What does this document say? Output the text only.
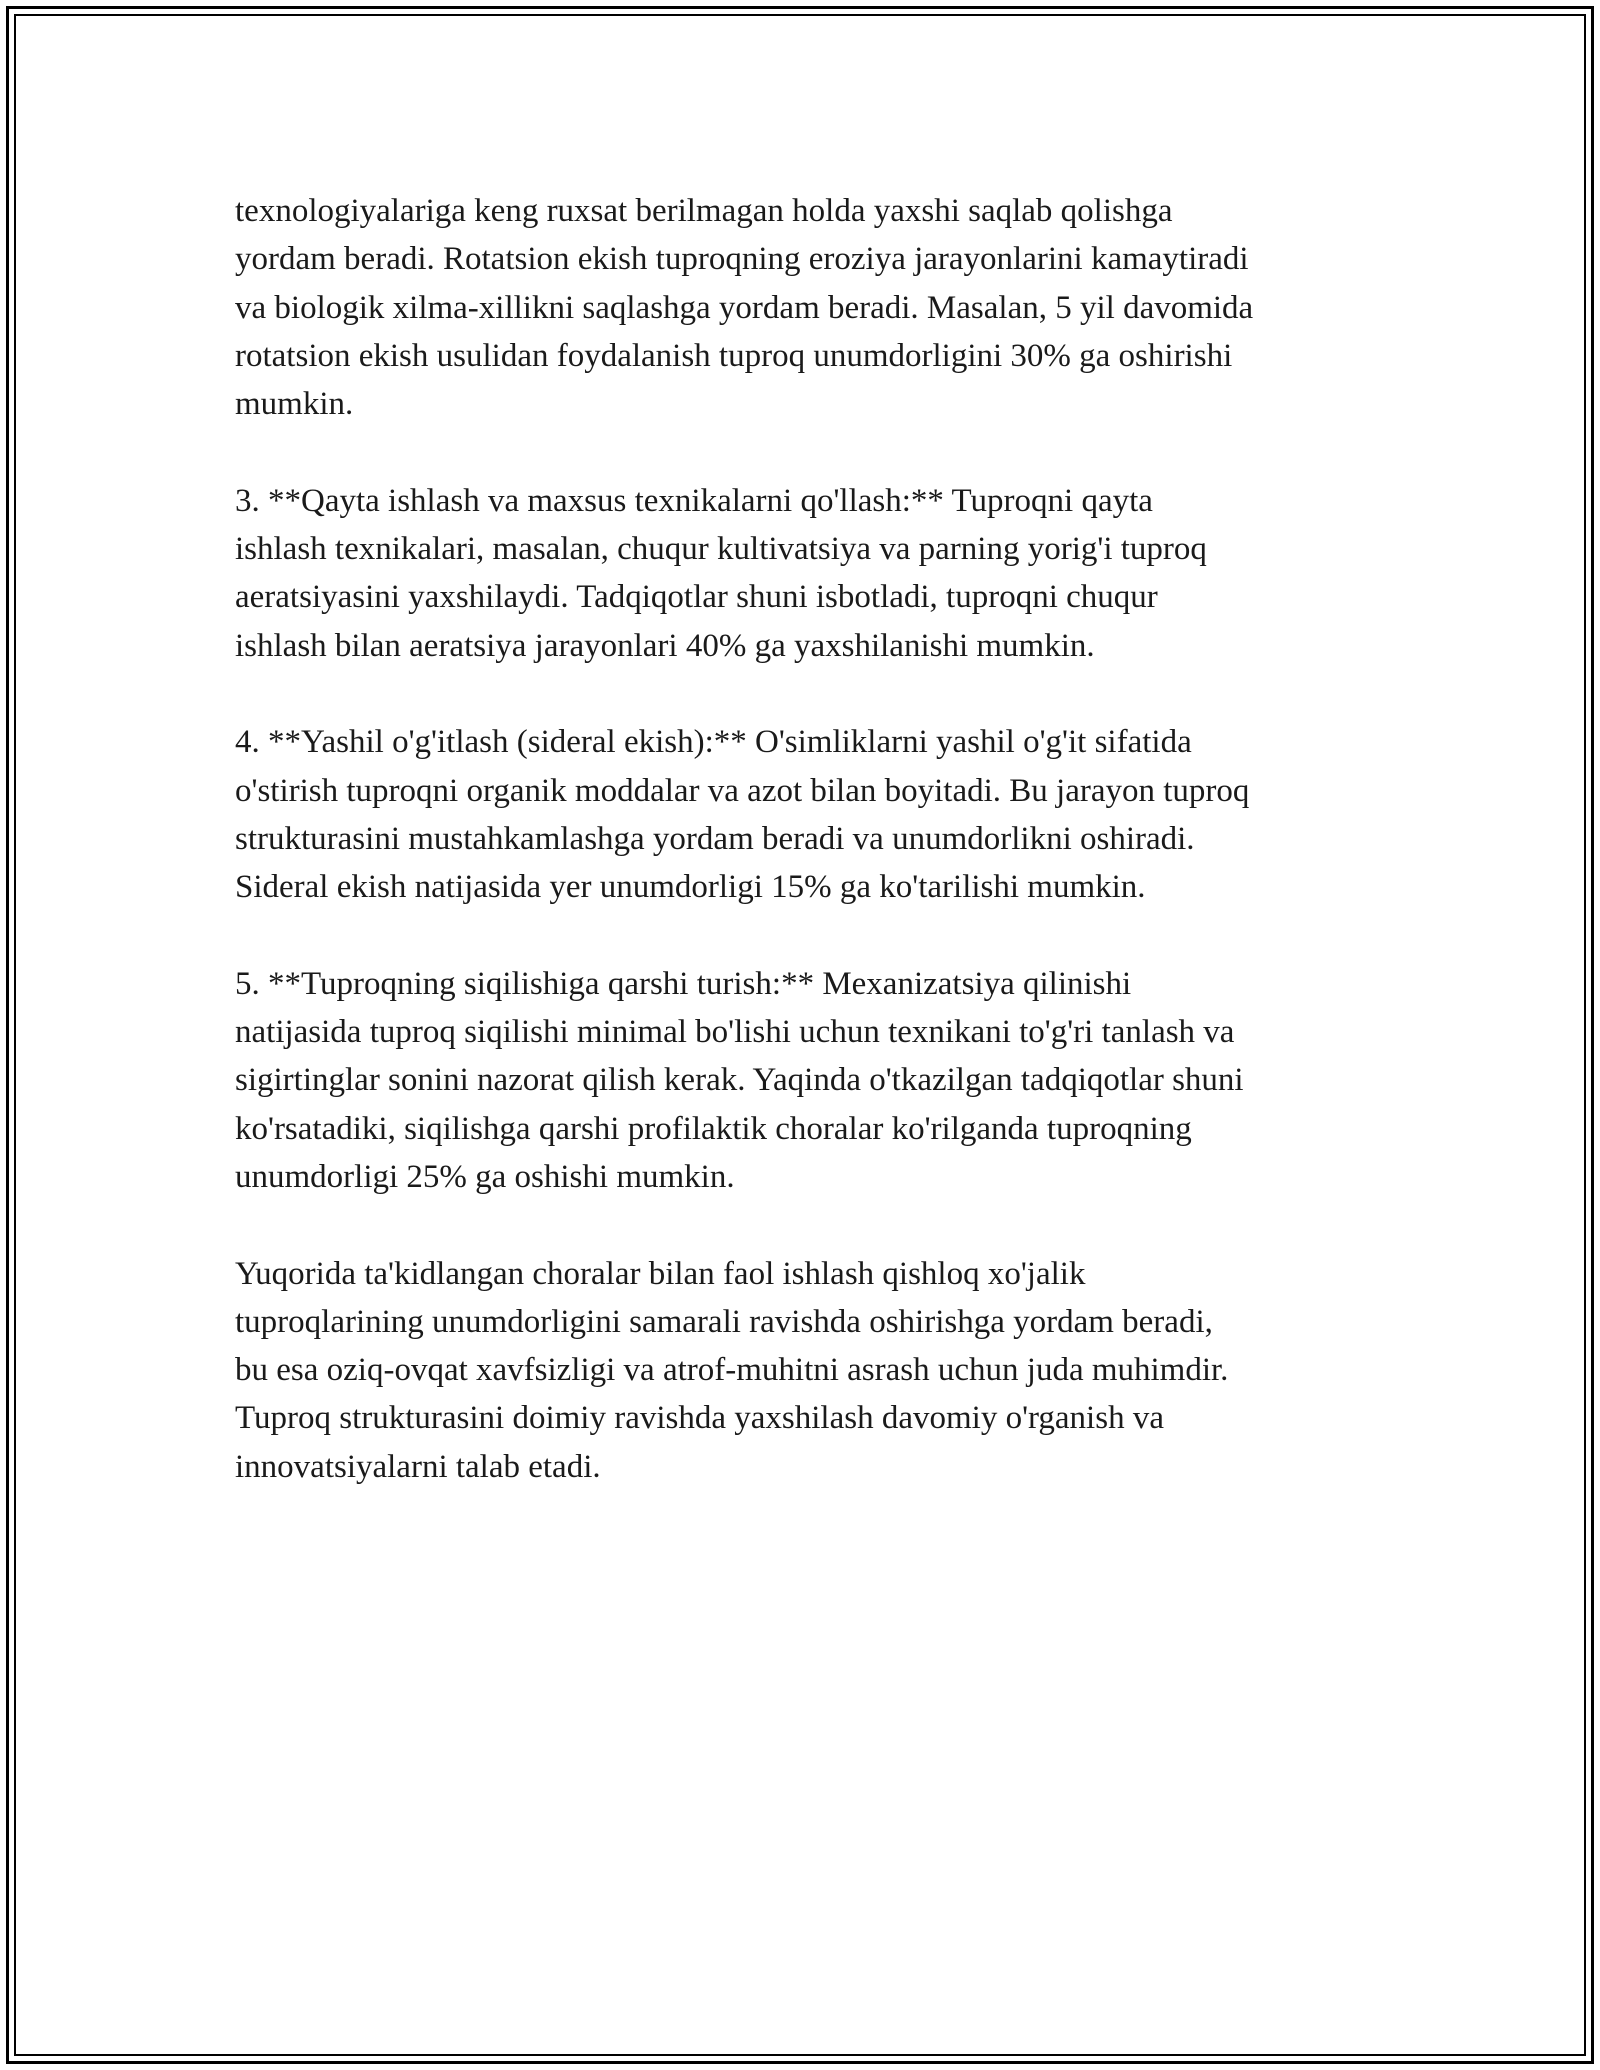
texnologiyalariga keng ruxsat berilmagan holda yaxshi saqlab qolishga
yordam beradi. Rotatsion ekish tuproqning eroziya jarayonlarini kamaytiradi
va biologik xilma-xillikni saqlashga yordam beradi. Masalan, 5 yil davomida
rotatsion ekish usulidan foydalanish tuproq unumdorligini 30% ga oshirishi
mumkin.

3. **Qayta ishlash va maxsus texnikalarni qo'llash:** Tuproqni qayta
ishlash texnikalari, masalan, chuqur kultivatsiya va parning yorig'i tuproq
aeratsiyasini yaxshilaydi. Tadqiqotlar shuni isbotladi, tuproqni chuqur
ishlash bilan aeratsiya jarayonlari 40% ga yaxshilanishi mumkin.

4. **Yashil o'g'itlash (sideral ekish):** O'simliklarni yashil o'g'it sifatida
o'stirish tuproqni organik moddalar va azot bilan boyitadi. Bu jarayon tuproq
strukturasini mustahkamlashga yordam beradi va unumdorlikni oshiradi.
Sideral ekish natijasida yer unumdorligi 15% ga ko'tarilishi mumkin.

5. **Tuproqning siqilishiga qarshi turish:** Mexanizatsiya qilinishi
natijasida tuproq siqilishi minimal bo'lishi uchun texnikani to'g'ri tanlash va
sigirtinglar sonini nazorat qilish kerak. Yaqinda o'tkazilgan tadqiqotlar shuni
ko'rsatadiki, siqilishga qarshi profilaktik choralar ko'rilganda tuproqning
unumdorligi 25% ga oshishi mumkin.

Yuqorida ta'kidlangan choralar bilan faol ishlash qishloq xo'jalik
tuproqlarining unumdorligini samarali ravishda oshirishga yordam beradi,
bu esa oziq-ovqat xavfsizligi va atrof-muhitni asrash uchun juda muhimdir.
Tuproq strukturasini doimiy ravishda yaxshilash davomiy o'rganish va
innovatsiyalarni talab etadi.
